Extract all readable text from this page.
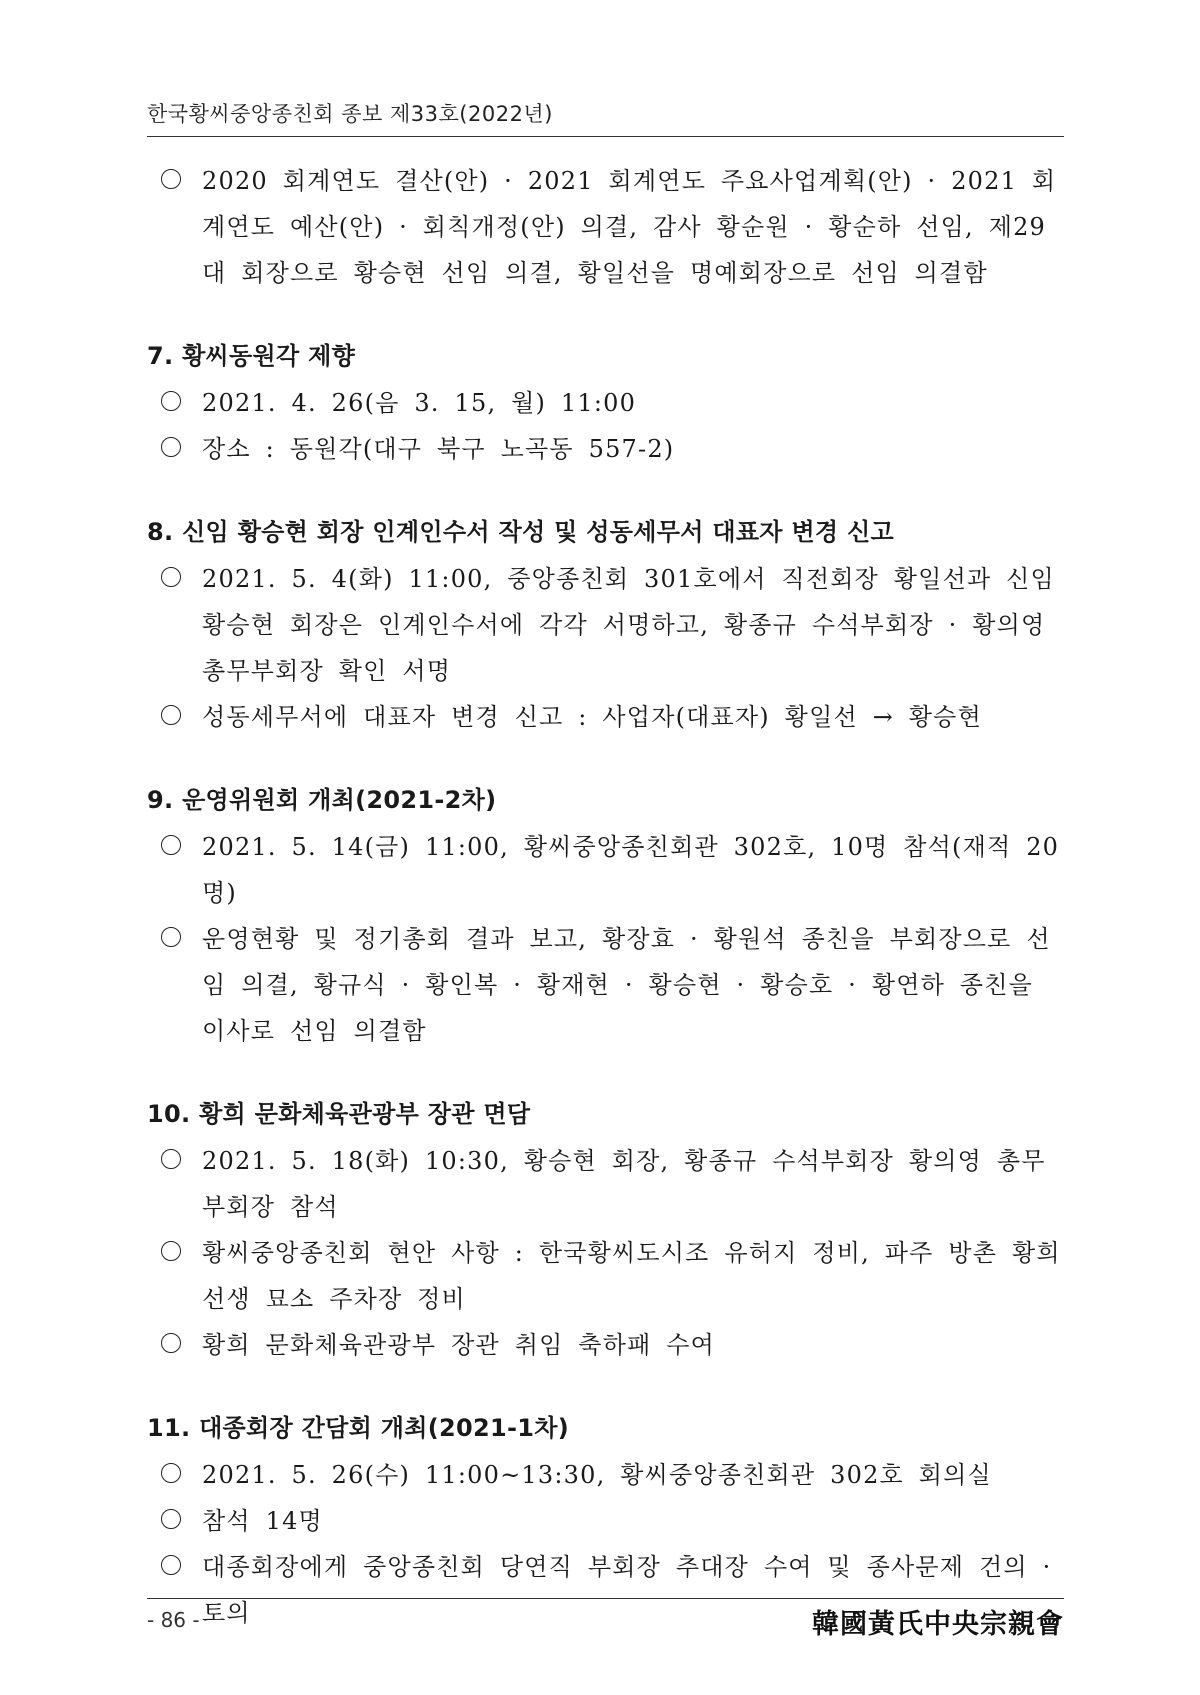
한국황씨중앙종친회 종보 제33호(2022년)
2020 회계연도 결산(안) · 2021 회계연도 주요사업계획(안) · 2021 회계연도 예산(안) · 회칙개정(안) 의결, 감사 황순원 · 황순하 선임, 제29대 회장으로 황승현 선임 의결, 황일선을 명예회장으로 선임 의결함
7. 황씨동원각 제향
2021. 4. 26(음 3. 15, 월) 11:00
장소 : 동원각(대구 북구 노곡동 557-2)
8. 신임 황승현 회장 인계인수서 작성 및 성동세무서 대표자 변경 신고
2021. 5. 4(화) 11:00, 중앙종친회 301호에서 직전회장 황일선과 신임 황승현 회장은 인계인수서에 각각 서명하고, 황종규 수석부회장 · 황의영 총무부회장 확인 서명
성동세무서에 대표자 변경 신고 : 사업자(대표자) 황일선 → 황승현
9. 운영위원회 개최(2021-2차)
2021. 5. 14(금) 11:00, 황씨중앙종친회관 302호, 10명 참석(재적 20명)
운영현황 및 정기총회 결과 보고, 황장효 · 황원석 종친을 부회장으로 선임 의결, 황규식 · 황인복 · 황재현 · 황승현 · 황승호 · 황연하 종친을 이사로 선임 의결함
10. 황희 문화체육관광부 장관 면담
2021. 5. 18(화) 10:30, 황승현 회장, 황종규 수석부회장 황의영 총무부회장 참석
황씨중앙종친회 현안 사항 : 한국황씨도시조 유허지 정비, 파주 방촌 황희 선생 묘소 주차장 정비
황희 문화체육관광부 장관 취임 축하패 수여
11. 대종회장 간담회 개최(2021-1차)
2021. 5. 26(수) 11:00~13:30, 황씨중앙종친회관 302호 회의실
참석 14명
대종회장에게 중앙종친회 당연직 부회장 추대장 수여 및 종사문제 건의 · 토의
- 86 -	韓國黃氏中央宗親會
